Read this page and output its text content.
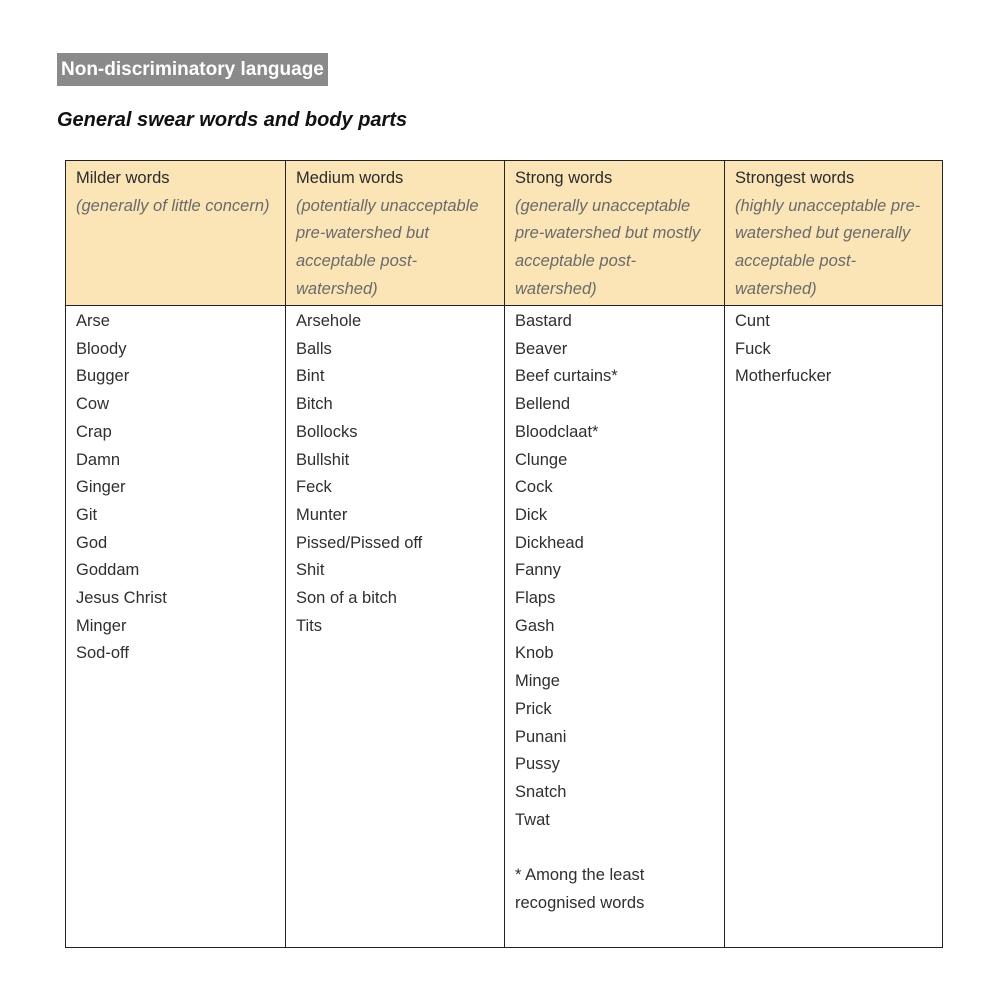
Non-discriminatory language
General swear words and body parts
Milder words
(generally of little concern)
Arse
Bloody
Bugger
Cow
Crap
Damn
Ginger
Git
God
Goddam
Jesus Christ
Minger
Sod-off
Medium words
(potentially unacceptable pre-watershed but acceptable post-watershed)
Arsehole
Balls
Bint
Bitch
Bollocks
Bullshit
Feck
Munter
Pissed/Pissed off
Shit
Son of a bitch
Tits
Strong words
(generally unacceptable pre-watershed but mostly acceptable post-watershed)
Bastard
Beaver
Beef curtains*
Bellend
Bloodclaat*
Clunge
Cock
Dick
Dickhead
Fanny
Flaps
Gash
Knob
Minge
Prick
Punani
Pussy
Snatch
Twat
* Among the least recognised words
Strongest words
(highly unacceptable pre-watershed but generally acceptable post-watershed)
Cunt
Fuck
Motherfucker
